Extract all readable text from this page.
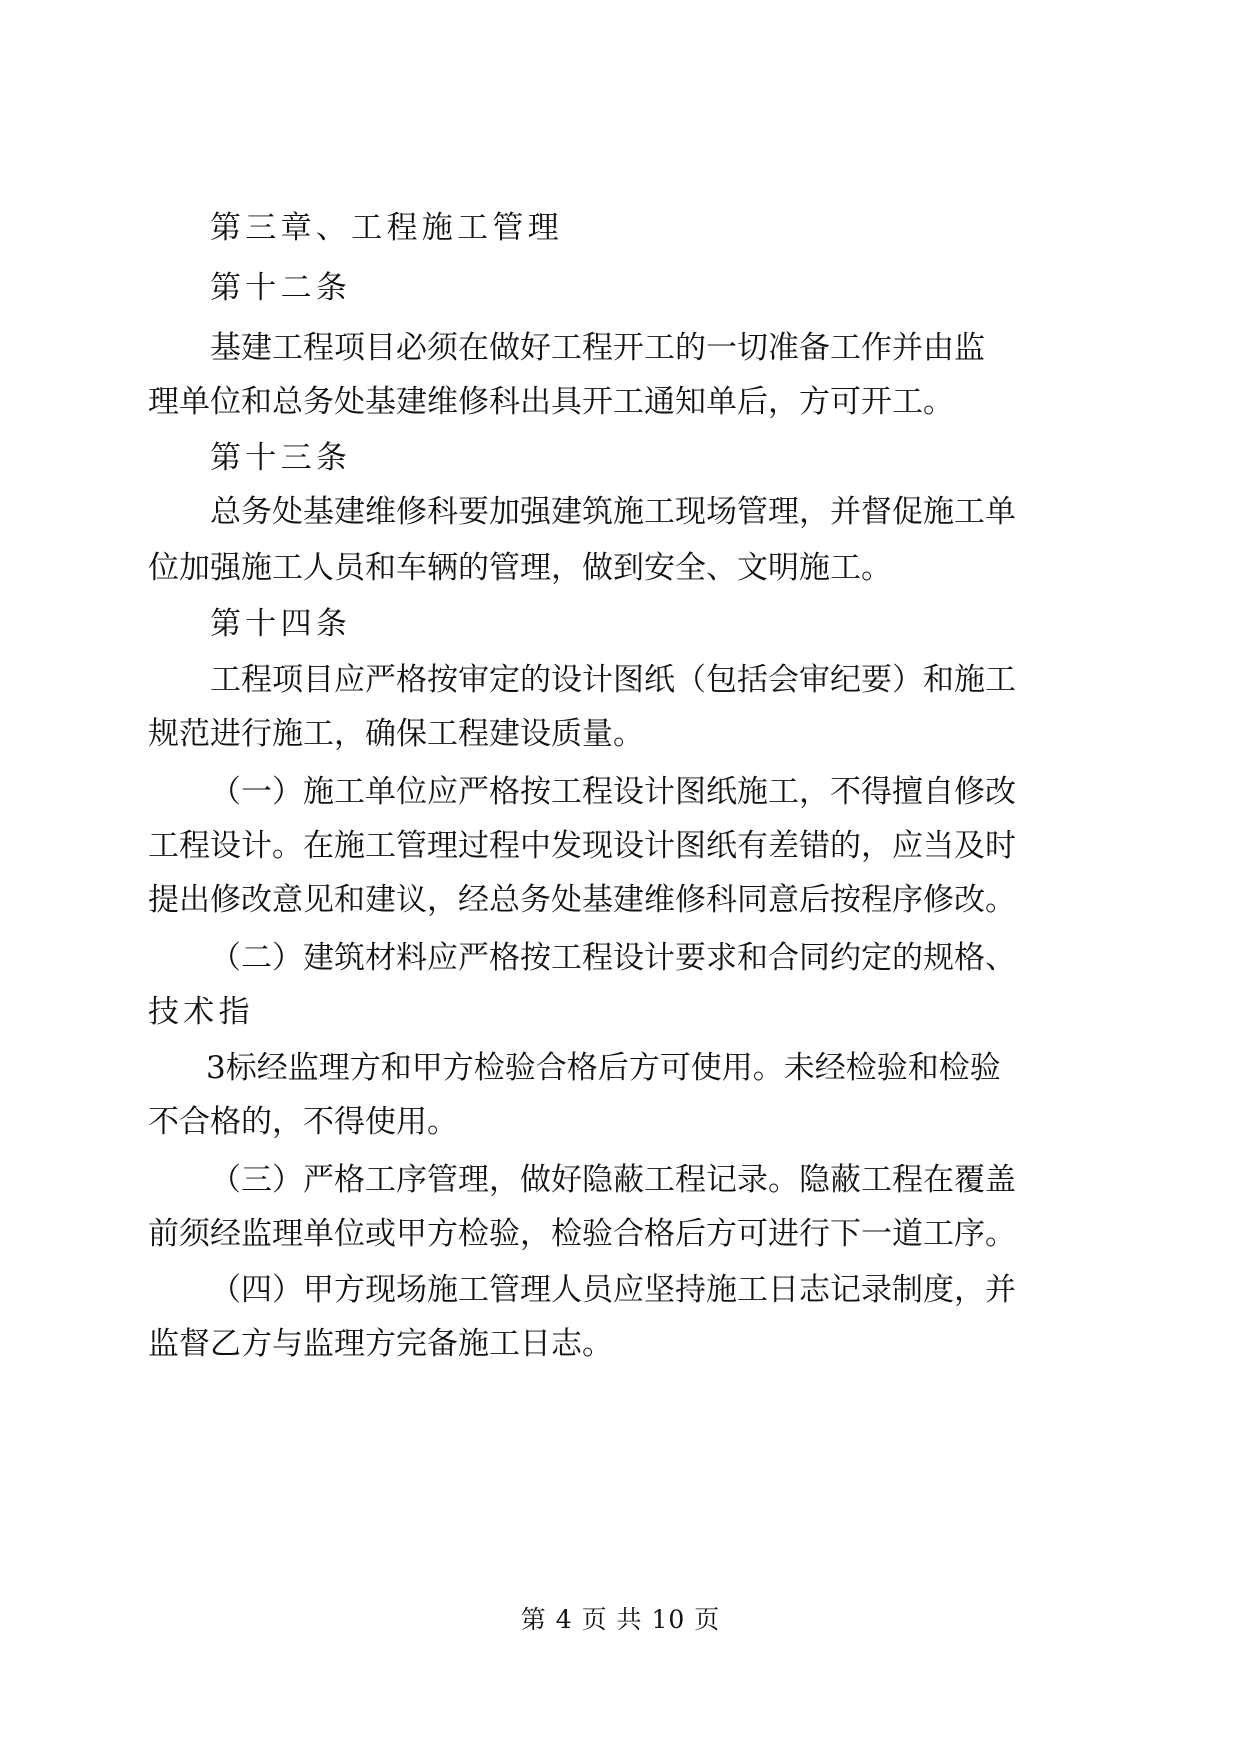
第三章、工程施工管理
第十二条
基建工程项目必须在做好工程开工的一切准备工作并由监
理单位和总务处基建维修科出具开工通知单后，方可开工。
第十三条
总务处基建维修科要加强建筑施工现场管理，并督促施工单
位加强施工人员和车辆的管理，做到安全、文明施工。
第十四条
工程项目应严格按审定的设计图纸（包括会审纪要）和施工
规范进行施工，确保工程建设质量。
（一）施工单位应严格按工程设计图纸施工，不得擅自修改
工程设计。在施工管理过程中发现设计图纸有差错的，应当及时
提出修改意见和建议，经总务处基建维修科同意后按程序修改。
（二）建筑材料应严格按工程设计要求和合同约定的规格、
技术指
3标经监理方和甲方检验合格后方可使用。未经检验和检验
不合格的，不得使用。
（三）严格工序管理，做好隐蔽工程记录。隐蔽工程在覆盖
前须经监理单位或甲方检验，检验合格后方可进行下一道工序。
（四）甲方现场施工管理人员应坚持施工日志记录制度，并
监督乙方与监理方完备施工日志。
第 4 页 共 10 页
